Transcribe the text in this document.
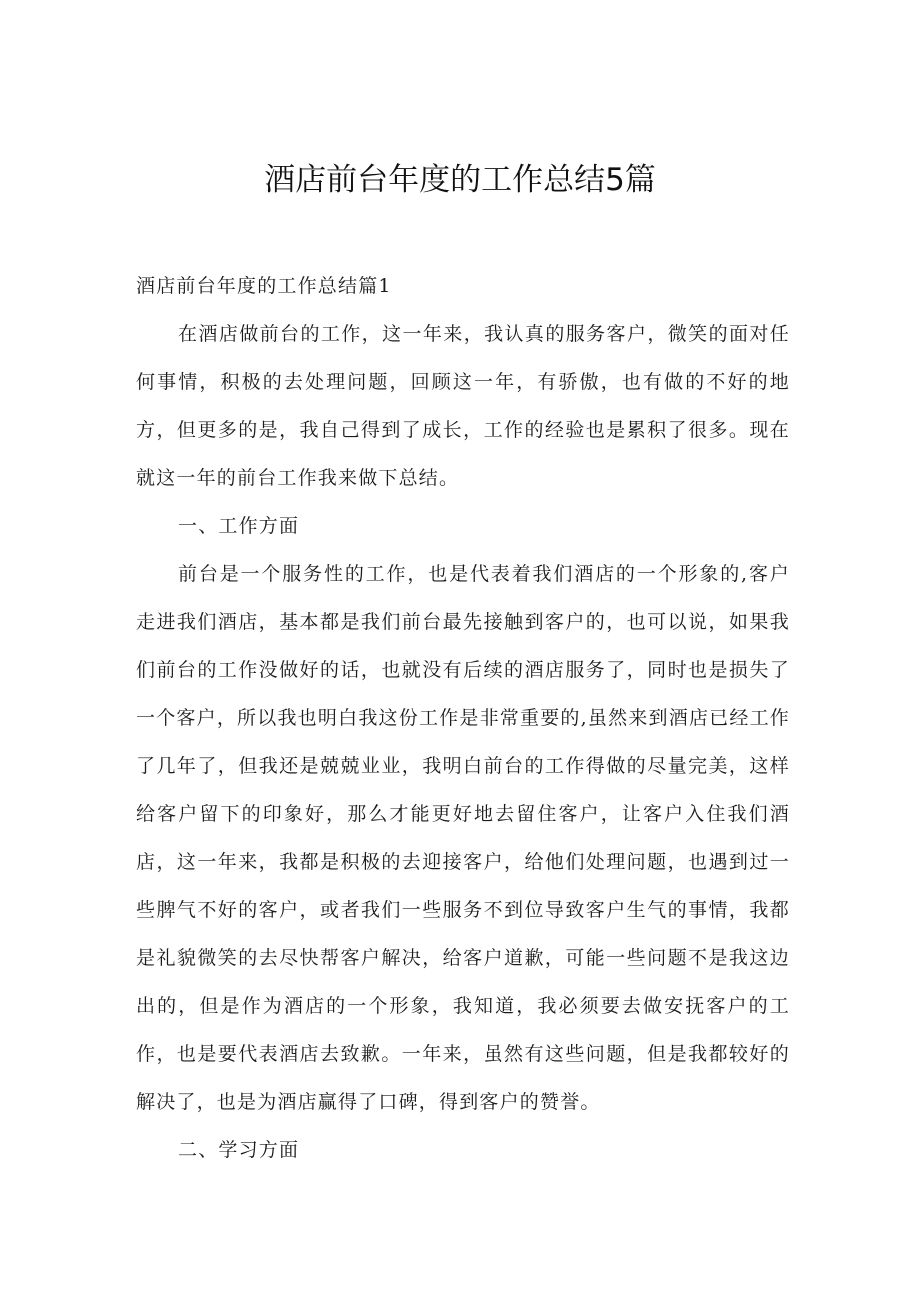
酒店前台年度的工作总结5篇

酒店前台年度的工作总结篇1

在酒店做前台的工作，这一年来，我认真的服务客户，微笑的面对任何事情，积极的去处理问题，回顾这一年，有骄傲，也有做的不好的地方，但更多的是，我自己得到了成长，工作的经验也是累积了很多。现在就这一年的前台工作我来做下总结。

一、工作方面

前台是一个服务性的工作，也是代表着我们酒店的一个形象的,客户走进我们酒店，基本都是我们前台最先接触到客户的，也可以说，如果我们前台的工作没做好的话，也就没有后续的酒店服务了，同时也是损失了一个客户，所以我也明白我这份工作是非常重要的,虽然来到酒店已经工作了几年了，但我还是兢兢业业，我明白前台的工作得做的尽量完美，这样给客户留下的印象好，那么才能更好地去留住客户，让客户入住我们酒店，这一年来，我都是积极的去迎接客户，给他们处理问题，也遇到过一些脾气不好的客户，或者我们一些服务不到位导致客户生气的事情，我都是礼貌微笑的去尽快帮客户解决，给客户道歉，可能一些问题不是我这边出的，但是作为酒店的一个形象，我知道，我必须要去做安抚客户的工作，也是要代表酒店去致歉。一年来，虽然有这些问题，但是我都较好的解决了，也是为酒店赢得了口碑，得到客户的赞誉。

二、学习方面
